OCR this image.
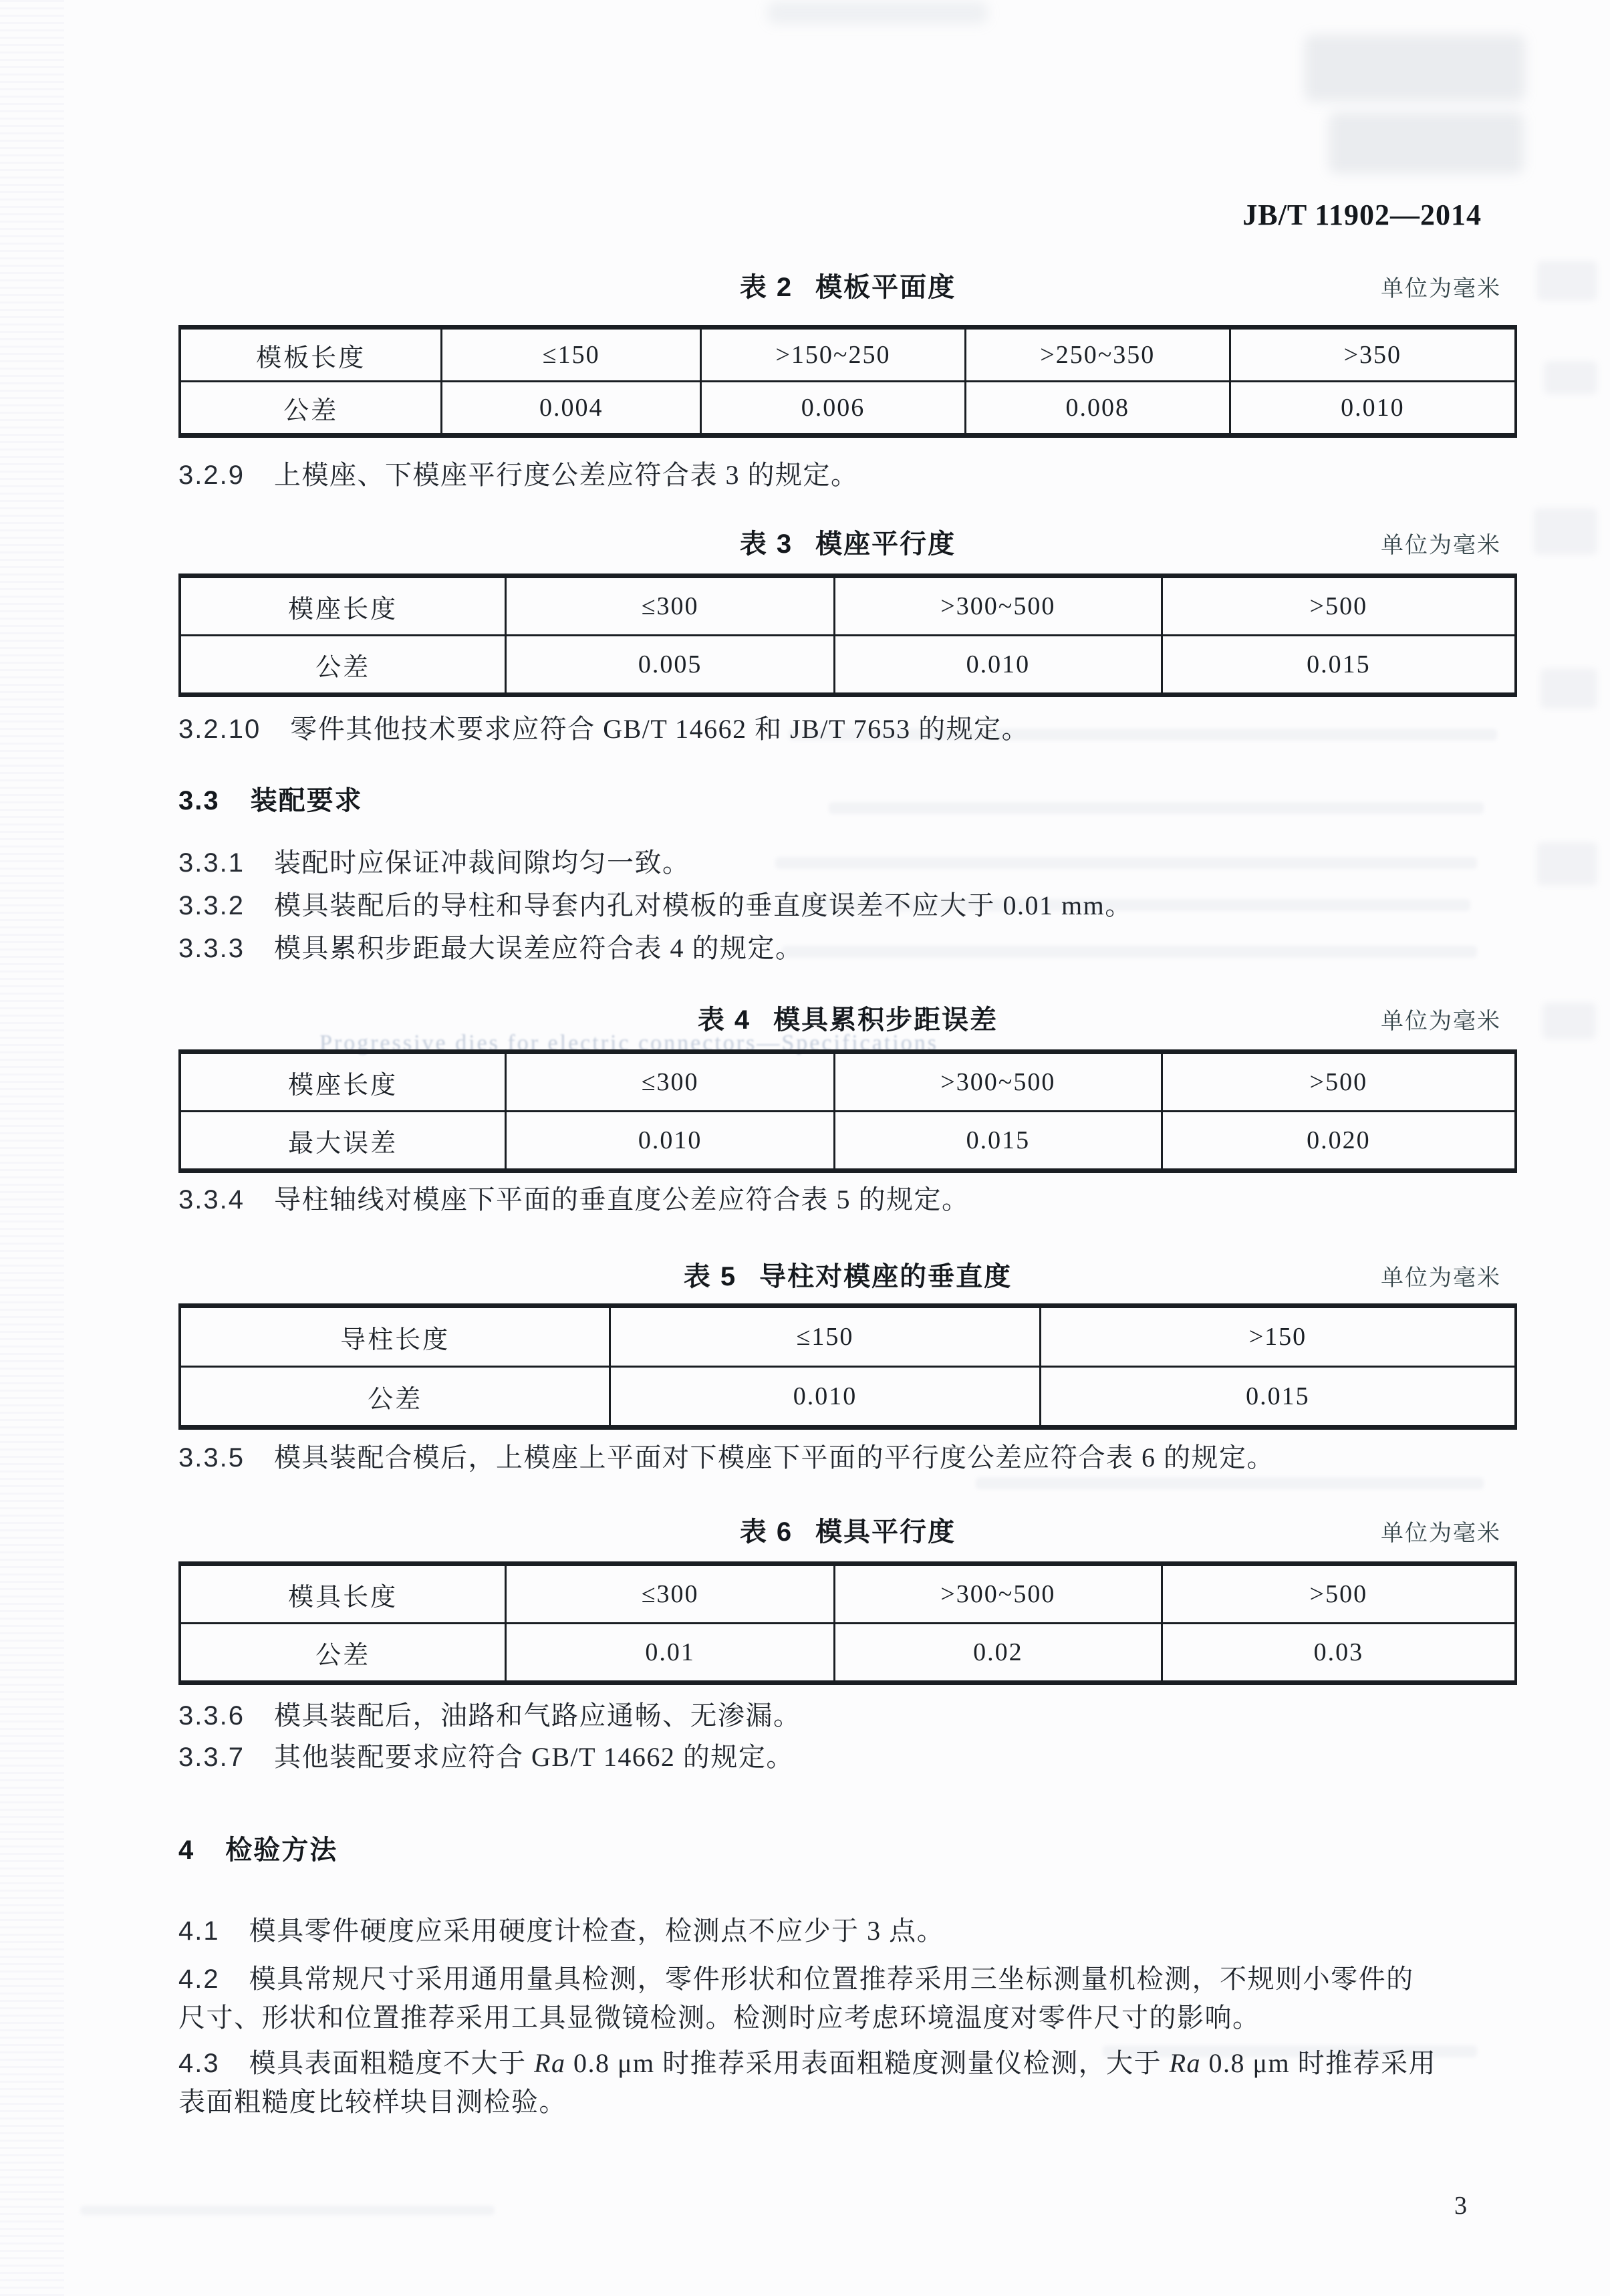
Progressive dies for electric connectors—Specifications
JB/T 11902—2014
表 2 模板平面度	单位为毫米
模板长度	≤150	>150~250	>250~350	>350
公差	0.004	0.006	0.008	0.010
3.2.9 上模座、下模座平行度公差应符合表 3 的规定。
表 3 模座平行度	单位为毫米
模座长度	≤300	>300~500	>500
公差	0.005	0.010	0.015
3.2.10 零件其他技术要求应符合 GB/T 14662 和 JB/T 7653 的规定。
3.3 装配要求
3.3.1 装配时应保证冲裁间隙均匀一致。
3.3.2 模具装配后的导柱和导套内孔对模板的垂直度误差不应大于 0.01 mm。
3.3.3 模具累积步距最大误差应符合表 4 的规定。
表 4 模具累积步距误差	单位为毫米
模座长度	≤300	>300~500	>500
最大误差	0.010	0.015	0.020
3.3.4 导柱轴线对模座下平面的垂直度公差应符合表 5 的规定。
表 5 导柱对模座的垂直度	单位为毫米
导柱长度	≤150	>150
公差	0.010	0.015
3.3.5 模具装配合模后，上模座上平面对下模座下平面的平行度公差应符合表 6 的规定。
表 6 模具平行度	单位为毫米
模具长度	≤300	>300~500	>500
公差	0.01	0.02	0.03
3.3.6 模具装配后，油路和气路应通畅、无渗漏。
3.3.7 其他装配要求应符合 GB/T 14662 的规定。
4 检验方法
4.1 模具零件硬度应采用硬度计检查，检测点不应少于 3 点。
4.2 模具常规尺寸采用通用量具检测，零件形状和位置推荐采用三坐标测量机检测，不规则小零件的
尺寸、形状和位置推荐采用工具显微镜检测。检测时应考虑环境温度对零件尺寸的影响。
4.3 模具表面粗糙度不大于 Ra 0.8 μm 时推荐采用表面粗糙度测量仪检测，大于 Ra 0.8 μm 时推荐采用
表面粗糙度比较样块目测检验。
3
